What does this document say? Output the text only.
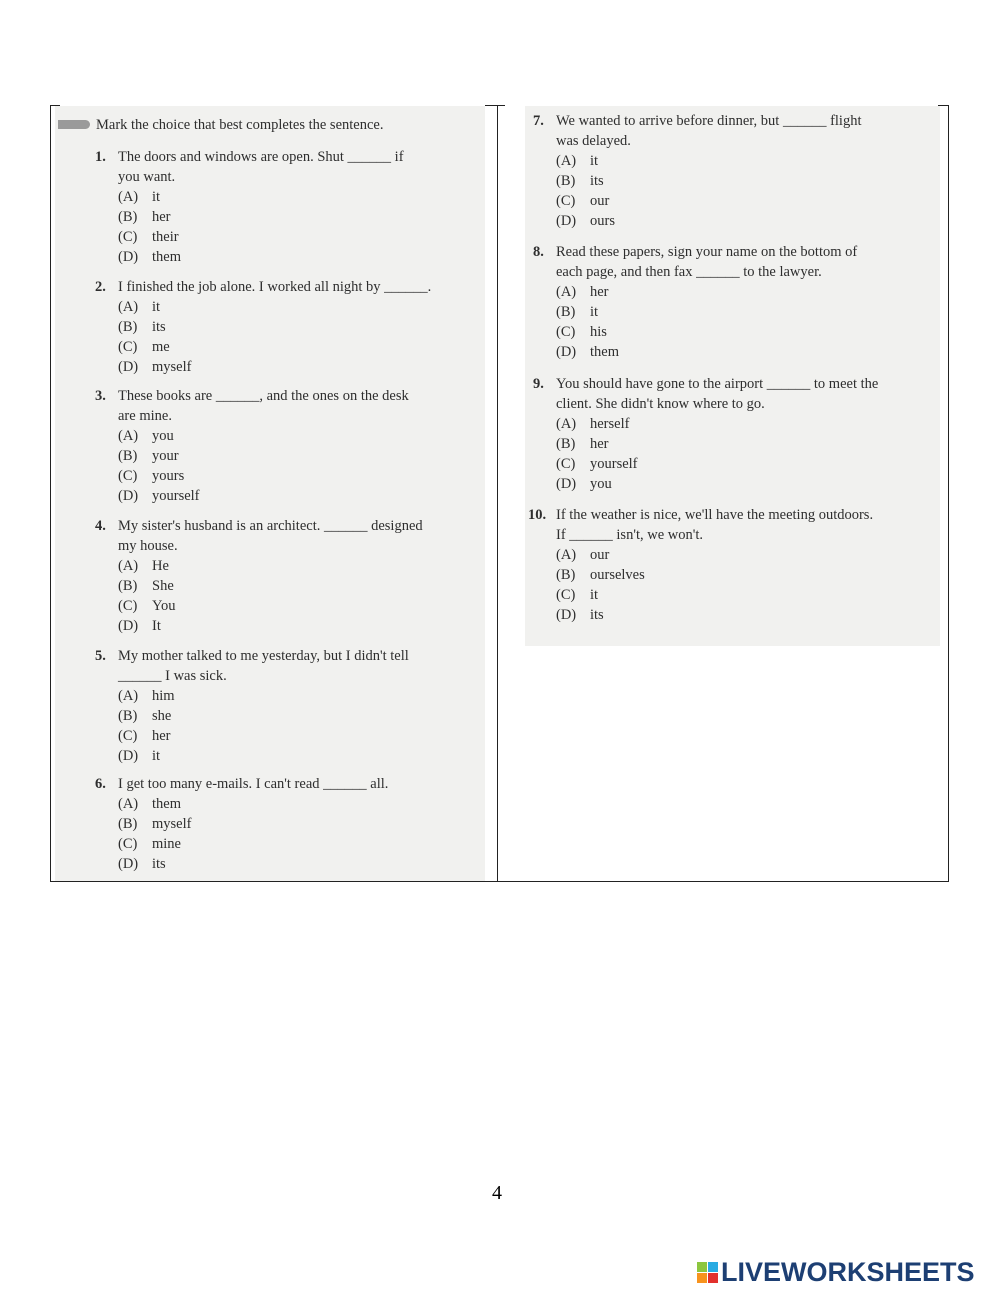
Mark the choice that best completes the sentence.
1. The doors and windows are open. Shut ______ if
you want.
(A) it
(B)	her
(C)	their
(D) them
2. I finished the job alone. I worked all night by ______.
(A) it
(B)	its
(C)	me
(D) myself
3. These books are ______, and the ones on the desk
are mine.
(A) you
(B)	your
(C)	yours
(D) yourself
4. My sister's husband is an architect. ______ designed
my house.
(A) He
(B)	She
(C)	You
(D) It
5. My mother talked to me yesterday, but I didn't tell
______ I was sick.
(A) him
(B)	she
(C)	her
(D) it
6. I get too many e-mails. I can't read ______ all.
(A) them
(B)	myself
(C)	mine
(D) its
7. We wanted to arrive before dinner, but ______ flight
was delayed.
(A) it
(B)	its
(C)	our
(D) ours
8. Read these papers, sign your name on the bottom of
each page, and then fax ______ to the lawyer.
(A) her
(B)	it
(C)	his
(D) them
9. You should have gone to the airport ______ to meet the
client. She didn't know where to go.
(A) herself
(B)	her
(C)	yourself
(D) you
10. If the weather is nice, we'll have the meeting outdoors.
If ______ isn't, we won't.
(A) our
(B)	ourselves
(C)	it
(D) its
4
LIVEWORKSHEETS
